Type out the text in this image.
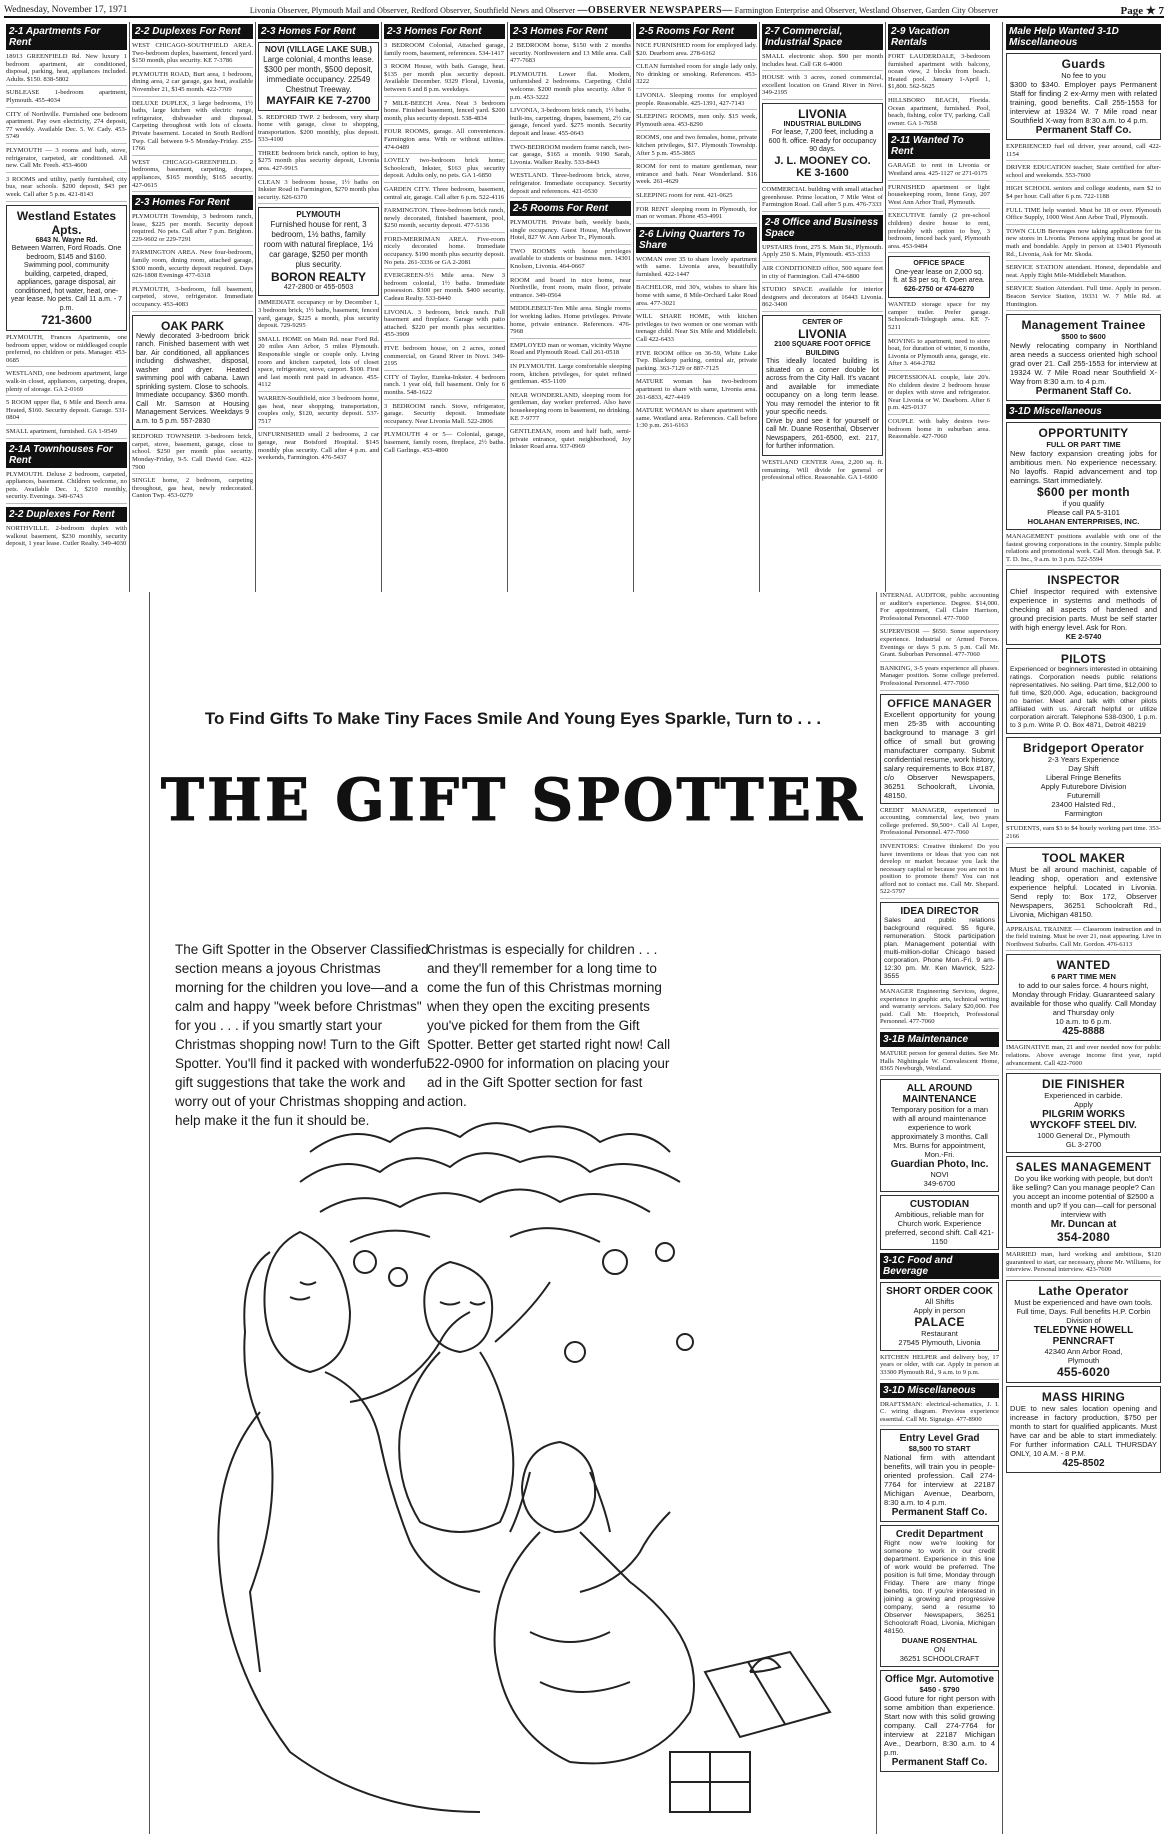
Wednesday, November 17, 1971	Livonia Observer, Plymouth Mail and Observer, Redford Observer, Southfield News and Observer —OBSERVER NEWSPAPERS— Farmington Enterprise and Observer, Westland Observer, Garden City Observer	Page ★ 7
2-1 Apartments For Rent
18913 GREENFIELD Rd. New luxury 1 bedroom apartment, air conditioned, disposal, parking, heat, appliances included. Adults. $150. 838-5802
SUBLEASE 1-bedroom apartment, Plymouth. 455-4034
CITY of Northville. Furnished one bedroom apartment. Pay own electricity, 274 deposit, 77 weekly. Available Dec. 5. W. Cady. 453-5749
PLYMOUTH — 3 rooms and bath, stove, refrigerator, carpeted, air conditioned. All new. Call Mr. Freeh. 453-4600
3 ROOMS and utility, partly furnished, city bus, near schools. $200 deposit, $43 per week. Call after 5 p.m. 421-8143
Westland Estates Apts.
6843 N. Wayne Rd.
Between Warren, Ford Roads. One bedroom, $145 and $160. Swimming pool, community building, carpeted, draped, appliances, garage disposal, air conditioned, hot water, heat, one-year lease. No pets. Call 11 a.m. - 7 p.m.
721-3600
PLYMOUTH, Frances Apartments, one bedroom upper, widow or middleaged couple preferred, no children or pets. Manager. 453-0685
WESTLAND, one bedroom apartment, large walk-in closet, appliances, carpeting, drapes, plenty of storage. GA 2-0169
5 ROOM upper flat, 6 Mile and Beech area. Heated, $160. Security deposit. Garage. 531-0804
SMALL apartment, furnished. GA 1-9549
2-1A Townhouses For Rent
PLYMOUTH. Deluxe 2 bedroom, carpeted, appliances, basement. Children welcome, no pets. Available Dec. 1, $210 monthly, security. Evenings. 349-6743
2-2 Duplexes For Rent
NORTHVILLE. 2-bedroom duplex with walkout basement, $230 monthly, security deposit, 1 year lease. Cutler Realty. 349-4030
2-2 Duplexes For Rent
WEST CHICAGO-SOUTHFIELD AREA. Two-bedroom duplex, basement, fenced yard. $150 month, plus security. KE 7-3786
PLYMOUTH ROAD, Burt area, 1 bedroom, dining area, 2 car garage, gas heat, available November 21, $145 month. 422-7709
DELUXE DUPLEX, 3 large bedrooms, 1½ baths, large kitchen with electric range, refrigerator, dishwasher and disposal. Carpeting throughout with lots of closets. Private basement. Located in South Redford Twp. Call between 9-5 Monday-Friday. 255-1766
WEST CHICAGO-GREENFIELD. 2 bedrooms, basement, carpeting, drapes, appliances, $165 monthly, $165 security. 427-0615
2-3 Homes For Rent
PLYMOUTH Township, 3 bedroom ranch, lease, $225 per month. Security deposit required. No pets. Call after 7 p.m. Brighton. 229-9602 or 229-7291
FARMINGTON AREA. New four-bedroom, family room, dining room, attached garage, $300 month, security deposit required. Days 626-1808 Evenings 477-6318
PLYMOUTH, 3-bedroom, full basement, carpeted, stove, refrigerator. Immediate occupancy. 453-4083
OAK PARK
Newly decorated 3-bedroom brick ranch. Finished basement with wet bar. Air conditioned, all appliances including dishwasher, disposal, washer and dryer. Heated swimming pool with cabana. Lawn sprinkling system. Close to schools. Immediate occupancy. $360 month. Call Mr. Samson at Housing Management Services. Weekdays 9 a.m. to 5 p.m. 557-2830
REDFORD TOWNSHIP. 3-bedroom brick, carpet, stove, basement, garage, close to school. $250 per month plus security. Monday-Friday, 9-5. Call David Gee. 422-7900
SINGLE home, 2 bedroom, carpeting throughout, gas heat, newly redecorated. Canton Twp. 453-0279
2-3 Homes For Rent
NOVI (VILLAGE LAKE SUB.)
Large colonial, 4 months lease. $300 per month, $500 deposit, immediate occupancy. 22549 Chestnut Treeway.
MAYFAIR KE 7-2700
S. REDFORD TWP. 2 bedroom, very sharp home with garage, close to shopping, transportation. $200 monthly, plus deposit. 533-4100
THREE bedroom brick ranch, option to buy, $275 month plus security deposit, Livonia area. 427-9915
CLEAN 3 bedroom house, 1½ baths on Inkster Road in Farmington, $270 month plus security. 626-6370
PLYMOUTH
Furnished house for rent, 3 bedroom, 1½ baths, family room with natural fireplace, 1½ car garage, $250 per month plus security.
BORON REALTY
427-2800 or 455-0503
IMMEDIATE occupancy or by December 1, 3 bedroom brick, 1½ baths, basement, fenced yard, garage, $225 a month, plus security deposit. 729-9295
SMALL HOME on Main Rd. near Ford Rd. 20 miles Ann Arbor, 5 miles Plymouth. Responsible single or couple only. Living room and kitchen carpeted, lots of closet space, refrigerator, stove, carport. $100. First and last month rent paid in advance. 455-4112
WARREN-Southfield, nice 3 bedroom home, gas heat, near shopping, transportation, couples only, $120, security deposit. 537-7517
UNFURNISHED small 2 bedrooms, 2 car garage, near Botsford Hospital. $145 monthly plus security. Call after 4 p.m. and weekends, Farmington. 476-5437
2-3 Homes For Rent
3 BEDROOM Colonial, Attached garage, family room, basement, references. 534-1417
3 ROOM House, with bath. Garage, heat. $135 per month plus security deposit. Available December. 9329 Floral, Livonia, between 6 and 8 p.m. weekdays.
7 MILE-BEECH Area. Neat 3 bedroom home. Finished basement, fenced yard. $200 month, plus security deposit. 538-4834
FOUR ROOMS, garage. All conveniences. Farmington area. With or without utilities. 474-0489
LOVELY two-bedroom brick home; Schoolcraft, Inkster, $163 plus security deposit. Adults only, no pets. GA 1-6850
GARDEN CITY. Three bedroom, basement, central air, garage. Call after 6 p.m. 522-4116
FARMINGTON. Three-bedroom brick ranch, newly decorated, finished basement, pool, $250 month, security deposit. 477-5136
FORD-MERRIMAN AREA. Five-room nicely decorated home. Immediate occupancy. $190 month plus security deposit. No pets. 261-3336 or GA 2-2081
EVERGREEN-5½ Mile area. New 3 bedroom colonial, 1½ baths. Immediate possession. $300 per month. $400 security. Cadeau Realty. 533-8440
LIVONIA. 3 bedroom, brick ranch. Full basement and fireplace. Garage with patio attached. $220 per month plus securities. 455-3909
FIVE bedroom house, on 2 acres, zoned commercial, on Grand River in Novi. 349-2195
CITY of Taylor, Eureka-Inkster. 4 bedroom ranch. 1 year old, full basement. Only for 6 months. 548-1622
3 BEDROOM ranch. Stove, refrigerator, garage. Security deposit. Immediate occupancy. Near Livonia Mall. 522-2806
PLYMOUTH 4 or 5— Colonial, garage, basement, family room, fireplace, 2½ baths. Call Garlings. 453-4800
2-3 Homes For Rent
2 BEDROOM home, $150 with 2 months security. Northwestern and 13 Mile area. Call 477-7683
PLYMOUTH. Lower flat. Modern, unfurnished 2 bedrooms. Carpeting. Child welcome. $200 month plus security. After 6 p.m. 453-3222
LIVONIA, 3-bedroom brick ranch, 1½ baths, built-ins, carpeting, drapes, basement, 2½ car garage, fenced yard. $275 month. Security deposit and lease. 455-0643
TWO-BEDROOM modern frame ranch, two-car garage, $165 a month. 9190 Sarah, Livonia. Walker Realty. 533-8443
WESTLAND. Three-bedroom brick, stove, refrigerator. Immediate occupancy. Security deposit and references. 421-0530
2-5 Rooms For Rent
PLYMOUTH. Private bath, weekly basis, single occupancy. Guest House, Mayflower Hotel, 827 W. Ann Arbor Tr., Plymouth.
TWO ROOMS with house privileges available to students or business men. 14301 Knolson, Livonia. 464-0667
ROOM and board in nice home, near Northville, front room, main floor, private entrance. 349-0564
MIDDLEBELT-Ten Mile area. Single rooms for working ladies. Home privileges. Private home, private entrance. References. 476-7968
EMPLOYED man or woman, vicinity Wayne Road and Plymouth Road. Call 261-0518
IN PLYMOUTH. Large comfortable sleeping room, kitchen privileges, for quiet refined gentleman. 455-1109
NEAR WONDERLAND, sleeping room for gentleman, day worker preferred. Also have housekeeping room in basement, no drinking. KE 7-9777
GENTLEMAN, room and half bath, semi-private entrance, quiet neighborhood, Joy Inkster Road area. 937-0969
2-5 Rooms For Rent
NICE FURNISHED room for employed lady. $20. Dearborn area. 278-6162
CLEAN furnished room for single lady only. No drinking or smoking. References. 453-3222
LIVONIA. Sleeping rooms for employed people. Reasonable. 425-1391, 427-7143
SLEEPING ROOMS, men only. $15 week, Plymouth area. 453-8290
ROOMS, one and two females, home, private kitchen privileges, $17. Plymouth Township. After 5 p.m. 455-3865
ROOM for rent to mature gentleman, near entrance and bath. Near Wonderland. $16 week. 261-4629
SLEEPING room for rent. 421-0625
FOR RENT sleeping room in Plymouth, for man or woman. Phone 453-4991
2-6 Living Quarters To Share
WOMAN over 35 to share lovely apartment with same. Livonia area, beautifully furnished. 422-1447
BACHELOR, mid 30's, wishes to share his home with same, 8 Mile-Orchard Lake Road area. 477-3021
WILL SHARE HOME, with kitchen privileges to two women or one woman with teenage child. Near Six Mile and Middlebelt. Call 422-6433
FIVE ROOM office on 36-59, White Lake Twp. Blacktop parking, central air, private parking. 363-7129 or 887-7125
MATURE woman has two-bedroom apartment to share with same, Livonia area. 261-6833, 427-4419
MATURE WOMAN to share apartment with same. Westland area. References. Call before 1:30 p.m. 261-6163
2-7 Commercial, Industrial Space
SMALL electronic shop. $90 per month includes heat. Call GR 6-4000
HOUSE with 3 acres, zoned commercial, excellent location on Grand River in Novi. 349-2195
LIVONIA
INDUSTRIAL BUILDING
For lease, 7,200 feet, including a 600 ft. office. Ready for occupancy 90 days.
J. L. MOONEY CO.
KE 3-1600
COMMERCIAL building with small attached greenhouse. Prime location, 7 Mile West of Farmington Road. Call after 5 p.m. 476-7333
2-8 Office and Business Space
UPSTAIRS front, 275 S. Main St., Plymouth. Apply 250 S. Main, Plymouth. 453-3333
AIR CONDITIONED office, 500 square feet in city of Farmington. Call 474-6800
STUDIO SPACE available for interior designers and decorators at 16443 Livonia. 862-3400
CENTER OF
LIVONIA
2100 SQUARE FOOT OFFICE BUILDING
This ideally located building is situated on a corner double lot across from the City Hall. It's vacant and available for immediate occupancy on a long term lease. You may remodel the interior to fit your specific needs.
Drive by and see it for yourself or call Mr. Duane Rosenthal, Observer Newspapers, 261-6500, ext. 217, for further information.
WESTLAND CENTER Area, 2,200 sq. ft. remaining. Will divide for general or professional office. Reasonable. GA 1-6600
2-9 Vacation Rentals
FORT LAUDERDALE, 3-bedroom furnished apartment with balcony, ocean view, 2 blocks from beach. Heated pool. January 1-April 1, $1,800. 562-5625
HILLSBORO BEACH, Florida. Ocean apartment, furnished. Pool, beach, fishing, color TV, parking. Call owner. GA 1-7658
2-11 Wanted To Rent
GARAGE to rent in Livonia or Westland area. 425-1127 or 271-0175
FURNISHED apartment or light housekeeping room, Irene Gray, 207 West Ann Arbor Trail, Plymouth.
EXECUTIVE family (2 pre-school children) desire house to rent, preferably with option to buy, 3 bedroom, fenced back yard, Plymouth area. 453-9484
OFFICE SPACE
One-year lease on 2,000 sq. ft. at $3 per sq. ft. Open area.
626-2750 or 474-6270
WANTED storage space for my camper trailer. Prefer garage. Schoolcraft-Telegraph area. KE 7-5211
MOVING to apartment, need to store boat, for duration of winter, 6 months, Livonia or Plymouth area, garage, etc. After 3. 464-2782
PROFESSIONAL couple, late 20's. No children desire 2 bedroom house or duplex with stove and refrigerator. Near Livonia or W. Dearborn. After 6 p.m. 425-0137
COUPLE with baby desires two-bedroom home in suburban area. Reasonable. 427-7060
Male Help Wanted 3-1D Miscellaneous
Guards
No fee to you
$300 to $340. Employer pays Permanent Staff for finding 2 ex-Army men with related training, good benefits. Call 255-1553 for interview at 19324 W. 7 Mile road near Southfield X-way from 8:30 a.m. to 4 p.m.
Permanent Staff Co.
EXPERIENCED fuel oil driver, year around, call 422-1154
DRIVER EDUCATION teacher, State certified for after-school and weekends. 553-7600
HIGH SCHOOL seniors and college students, earn $2 to $4 per hour. Call after 6 p.m. 722-1188
FULL TIME help wanted. Must be 18 or over. Plymouth Office Supply, 1000 West Ann Arbor Trail, Plymouth.
TOWN CLUB Beverages now taking applications for its new stores in Livonia. Persons applying must be good at math and bondable. Apply in person at 13401 Plymouth Rd., Livonia, Ask for Mr. Skoda.
SERVICE STATION attendant. Honest, dependable and neat. Apply Eight Mile-Middlebelt Marathon.
SERVICE Station Attendant. Full time. Apply in person. Beacon Service Station, 19331 W. 7 Mile Rd. at Huntington.
Management Trainee
$500 to $600
Newly relocating company in Northland area needs a success oriented high school grad over 21. Call 255-1553 for interview at 19324 W. 7 Mile Road near Southfield X-Way from 8:30 a.m. to 4 p.m.
Permanent Staff Co.
3-1D Miscellaneous
OPPORTUNITY
FULL OR PART TIME
New factory expansion creating jobs for ambitious men. No experience necessary. No layoffs. Rapid advancement and top earnings. Start immediately.
$600 per month
if you qualify
Please call PA 5-3101
HOLAHAN ENTERPRISES, INC.
MANAGEMENT positions available with one of the fastest growing corporations in the country. Simple public relations and promotional work. Call Mon. through Sat. P. T. D. Inc., 9 a.m. to 3 p.m. 522-5594
INSPECTOR
Chief Inspector required with extensive experience in systems and methods of checking all aspects of hardened and ground precision parts. Must be self starter with high energy level. Ask for Ron.
KE 2-5740
PILOTS
Experienced or beginners interested in obtaining ratings. Corporation needs public relations representatives. No selling. Part time, $12,000 to full time, $20,000. Age, education, background no barrier. Meet and talk with other pilots affiliated with us. Aircraft helpful or utilize corporation aircraft. Telephone 538-0300, 1 p.m. to 3 p.m. Write P. O. Box 4871, Detroit 48219
Bridgeport Operator
2-3 Years Experience
Day Shift
Liberal Fringe Benefits
Apply Futurebore Division
Futuremill
23400 Halsted Rd.,
Farmington
STUDENTS, earn $3 to $4 hourly working part time. 353-2166
TOOL MAKER
Must be all around machinist, capable of leading shop, operation and extensive experience helpful. Located in Livonia. Send reply to: Box 172, Observer Newspapers, 36251 Schoolcraft Rd., Livonia, Michigan 48150.
APPRAISAL TRAINEE — Classroom instruction and in the field training. Must be over 21, neat appearing. Live in Northwest Suburbs. Call Mr. Gordon. 476-6113
WANTED
6 PART TIME MEN
to add to our sales force. 4 hours night, Monday through Friday. Guaranteed salary available for those who qualify. Call Monday and Thursday only
10 a.m. to 6 p.m.
425-8888
IMAGINATIVE man, 21 and over needed now for public relations. Above average income first year, rapid advancement. Call 422-7600
DIE FINISHER
Experienced in carbide.
Apply
PILGRIM WORKS
WYCKOFF STEEL DIV.
1000 General Dr., Plymouth
GL 3-2700
SALES MANAGEMENT
Do you like working with people, but don't like selling? Can you manage people? Can you accept an income potential of $2500 a month and up? If you can—call for personal interview with
Mr. Duncan at
354-2080
MARRIED man, hard working and ambitious, $120 guaranteed to start, car necessary, phone Mr. Williams, for interview. Personal interview. 423-7600
Lathe Operator
Must be experienced and have own tools. Full time, Days. Full benefits H.P. Corbin Division of
TELEDYNE HOWELL PENNCRAFT
42340 Ann Arbor Road,
Plymouth
455-6020
MASS HIRING
DUE to new sales location opening and increase in factory production, $750 per month to start for qualified applicants. Must have car and be able to start immediately. For further information CALL THURSDAY ONLY, 10 A.M. - 8 P.M.
425-8502
INTERNAL AUDITOR, public accounting or auditor's experience. Degree. $14,000. For appointment, Call Claire Harrison, Professional Personnel. 477-7060
SUPERVISOR — $650. Some supervisory experience. Industrial or Armed Forces. Evenings or days 5 p.m. 5 p.m. Call Mr. Grant. Suburban Personnel. 477-7060
BANKING, 3-5 years experience all phases. Manager position. Some college preferred. Professional Personnel. 477-7060
OFFICE MANAGER
Excellent opportunity for young men 25-35 with accounting background to manage 3 girl office of small but growing manufacturer company. Submit confidential resume, work history, salary requirements to Box #187, c/o Observer Newspapers, 36251 Schoolcraft, Livonia, 48150.
CREDIT MANAGER, experienced in accounting, commercial law, two years college preferred. $9,500+. Call Al Loper, Professional Personnel. 477-7060
INVENTORS: Creative thinkers! Do you have inventions or ideas that you can not develop or market because you lack the necessary capital or because you are not in a position to promote them? You can not afford not to contact me. Call Mr. Shepard. 522-5797
IDEA DIRECTOR
Sales and public relations background required. $5 figure, remuneration. Stock participation plan. Management potential with multi-million-dollar Chicago based corporation. Phone Mon.-Fri. 9 am-12:30 pm. Mr. Ken Mavrick, 522-3555
MANAGER Engineering Services, degree, experience in graphic arts, technical writing and warranty services. Salary $20,000. Fee paid. Call Mr. Hoeprich, Professional Personnel. 477-7060
3-1B Maintenance
MATURE person for general duties. See Mr. Halls Nightingale W. Convalescent Home, 8365 Newburgh, Westland.
ALL AROUND MAINTENANCE
Temporary position for a man with all around maintenance experience to work approximately 3 months. Call Mrs. Burns for appointment, Mon.-Fri.
Guardian Photo, Inc.
NOVI
349-6700
CUSTODIAN
Ambitious, reliable man for Church work. Experience preferred, second shift. Call 421-1150
3-1C Food and Beverage
SHORT ORDER COOK
All Shifts
Apply in person
PALACE
Restaurant
27545 Plymouth, Livonia
KITCHEN HELPER and delivery boy, 17 years or older, with car. Apply in person at 33300 Plymouth Rd., 9 a.m. to 9 p.m.
3-1D Miscellaneous
DRAFTSMAN: electrical-schematics, J. I. C. wiring diagram. Previous experience essential. Call Mr. Signaigo. 477-8900
Entry Level Grad
$8,500 TO START
National firm with attendant benefits, will train you in people-oriented profession. Call 274-7764 for interview at 22187 Michigan Avenue, Dearborn, 8:30 a.m. to 4 p.m.
Permanent Staff Co.
Credit Department
Right now we're looking for someone to work in our credit department. Experience in this line of work would be preferred. The position is full time, Monday through Friday. There are many fringe benefits, too. If you're interested in joining a growing and progressive company, send a resume to Observer Newspapers, 36251 Schoolcraft Road, Livonia, Michigan 48150.
DUANE ROSENTHAL
ON
36251 SCHOOLCRAFT
Office Mgr. Automotive
$450 - $790
Good future for right person with some ambition than experience. Start now with this solid growing company. Call 274-7764 for interview at 22187 Michigan Ave., Dearborn, 8:30 a.m. to 4 p.m.
Permanent Staff Co.
To Find Gifts To Make Tiny Faces Smile And Young Eyes Sparkle, Turn to . . .
THE GIFT SPOTTER
The Gift Spotter in the Observer Classified section means a joyous Christmas morning for the children you love—and a calm and happy "week before Christmas" for you . . . if you smartly start your Christmas shopping now! Turn to the Gift Spotter. You'll find it packed with wonderful gift suggestions that take the work and worry out of your Christmas shopping and help make it the fun it should be.
Christmas is especially for children . . . and they'll remember for a long time to come the fun of this Christmas morning when they open the exciting presents you've picked for them from the Gift Spotter. Better get started right now! Call 522-0900 for information on placing your ad in the Gift Spotter section for fast action.
